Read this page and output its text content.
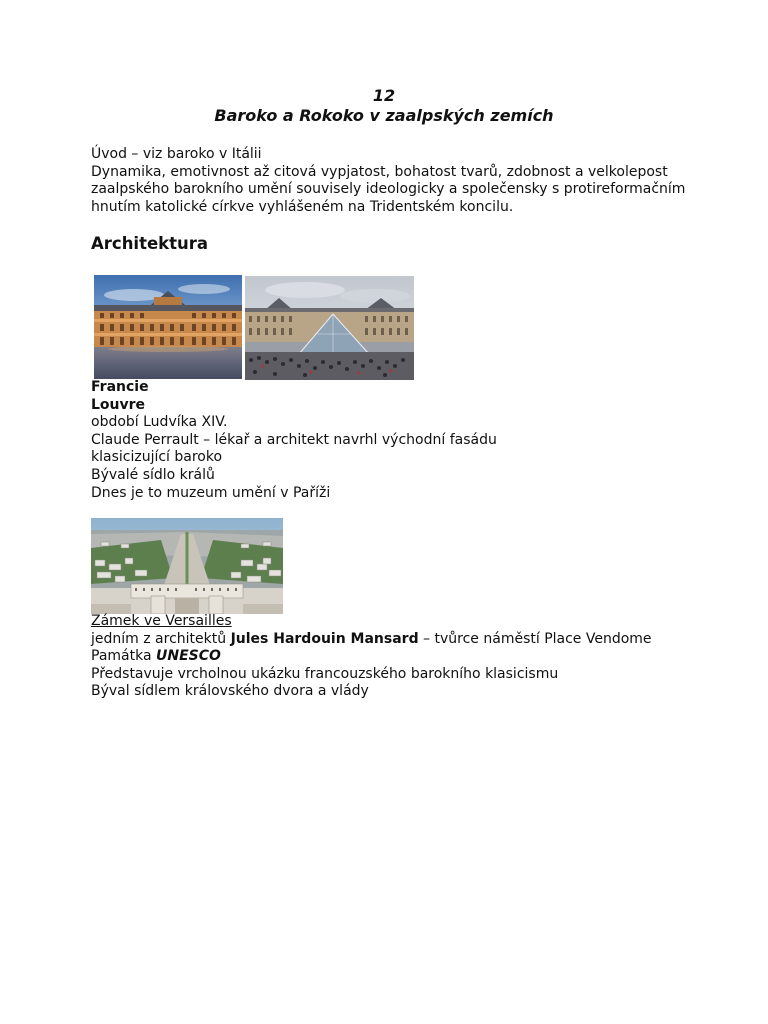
12
Baroko a Rokoko v zaalpských zemích
Úvod – viz baroko v Itálii
Dynamika, emotivnost až citová vypjatost, bohatost tvarů, zdobnost a velkolepost
zaalpského barokního umění souvisely ideologicky a společensky s protireformačním
hnutím katolické církve vyhlášeném na Tridentském koncilu.
Architektura
Francie
Louvre
období Ludvíka XIV.
Claude Perrault – lékař a architekt navrhl východní fasádu
klasicizující baroko
Bývalé sídlo králů
Dnes je to muzeum umění v Paříži
Zámek ve Versailles
jedním z architektů Jules Hardouin Mansard – tvůrce náměstí Place Vendome
Památka UNESCO
Představuje vrcholnou ukázku francouzského barokního klasicismu
Býval sídlem královského dvora a vlády
